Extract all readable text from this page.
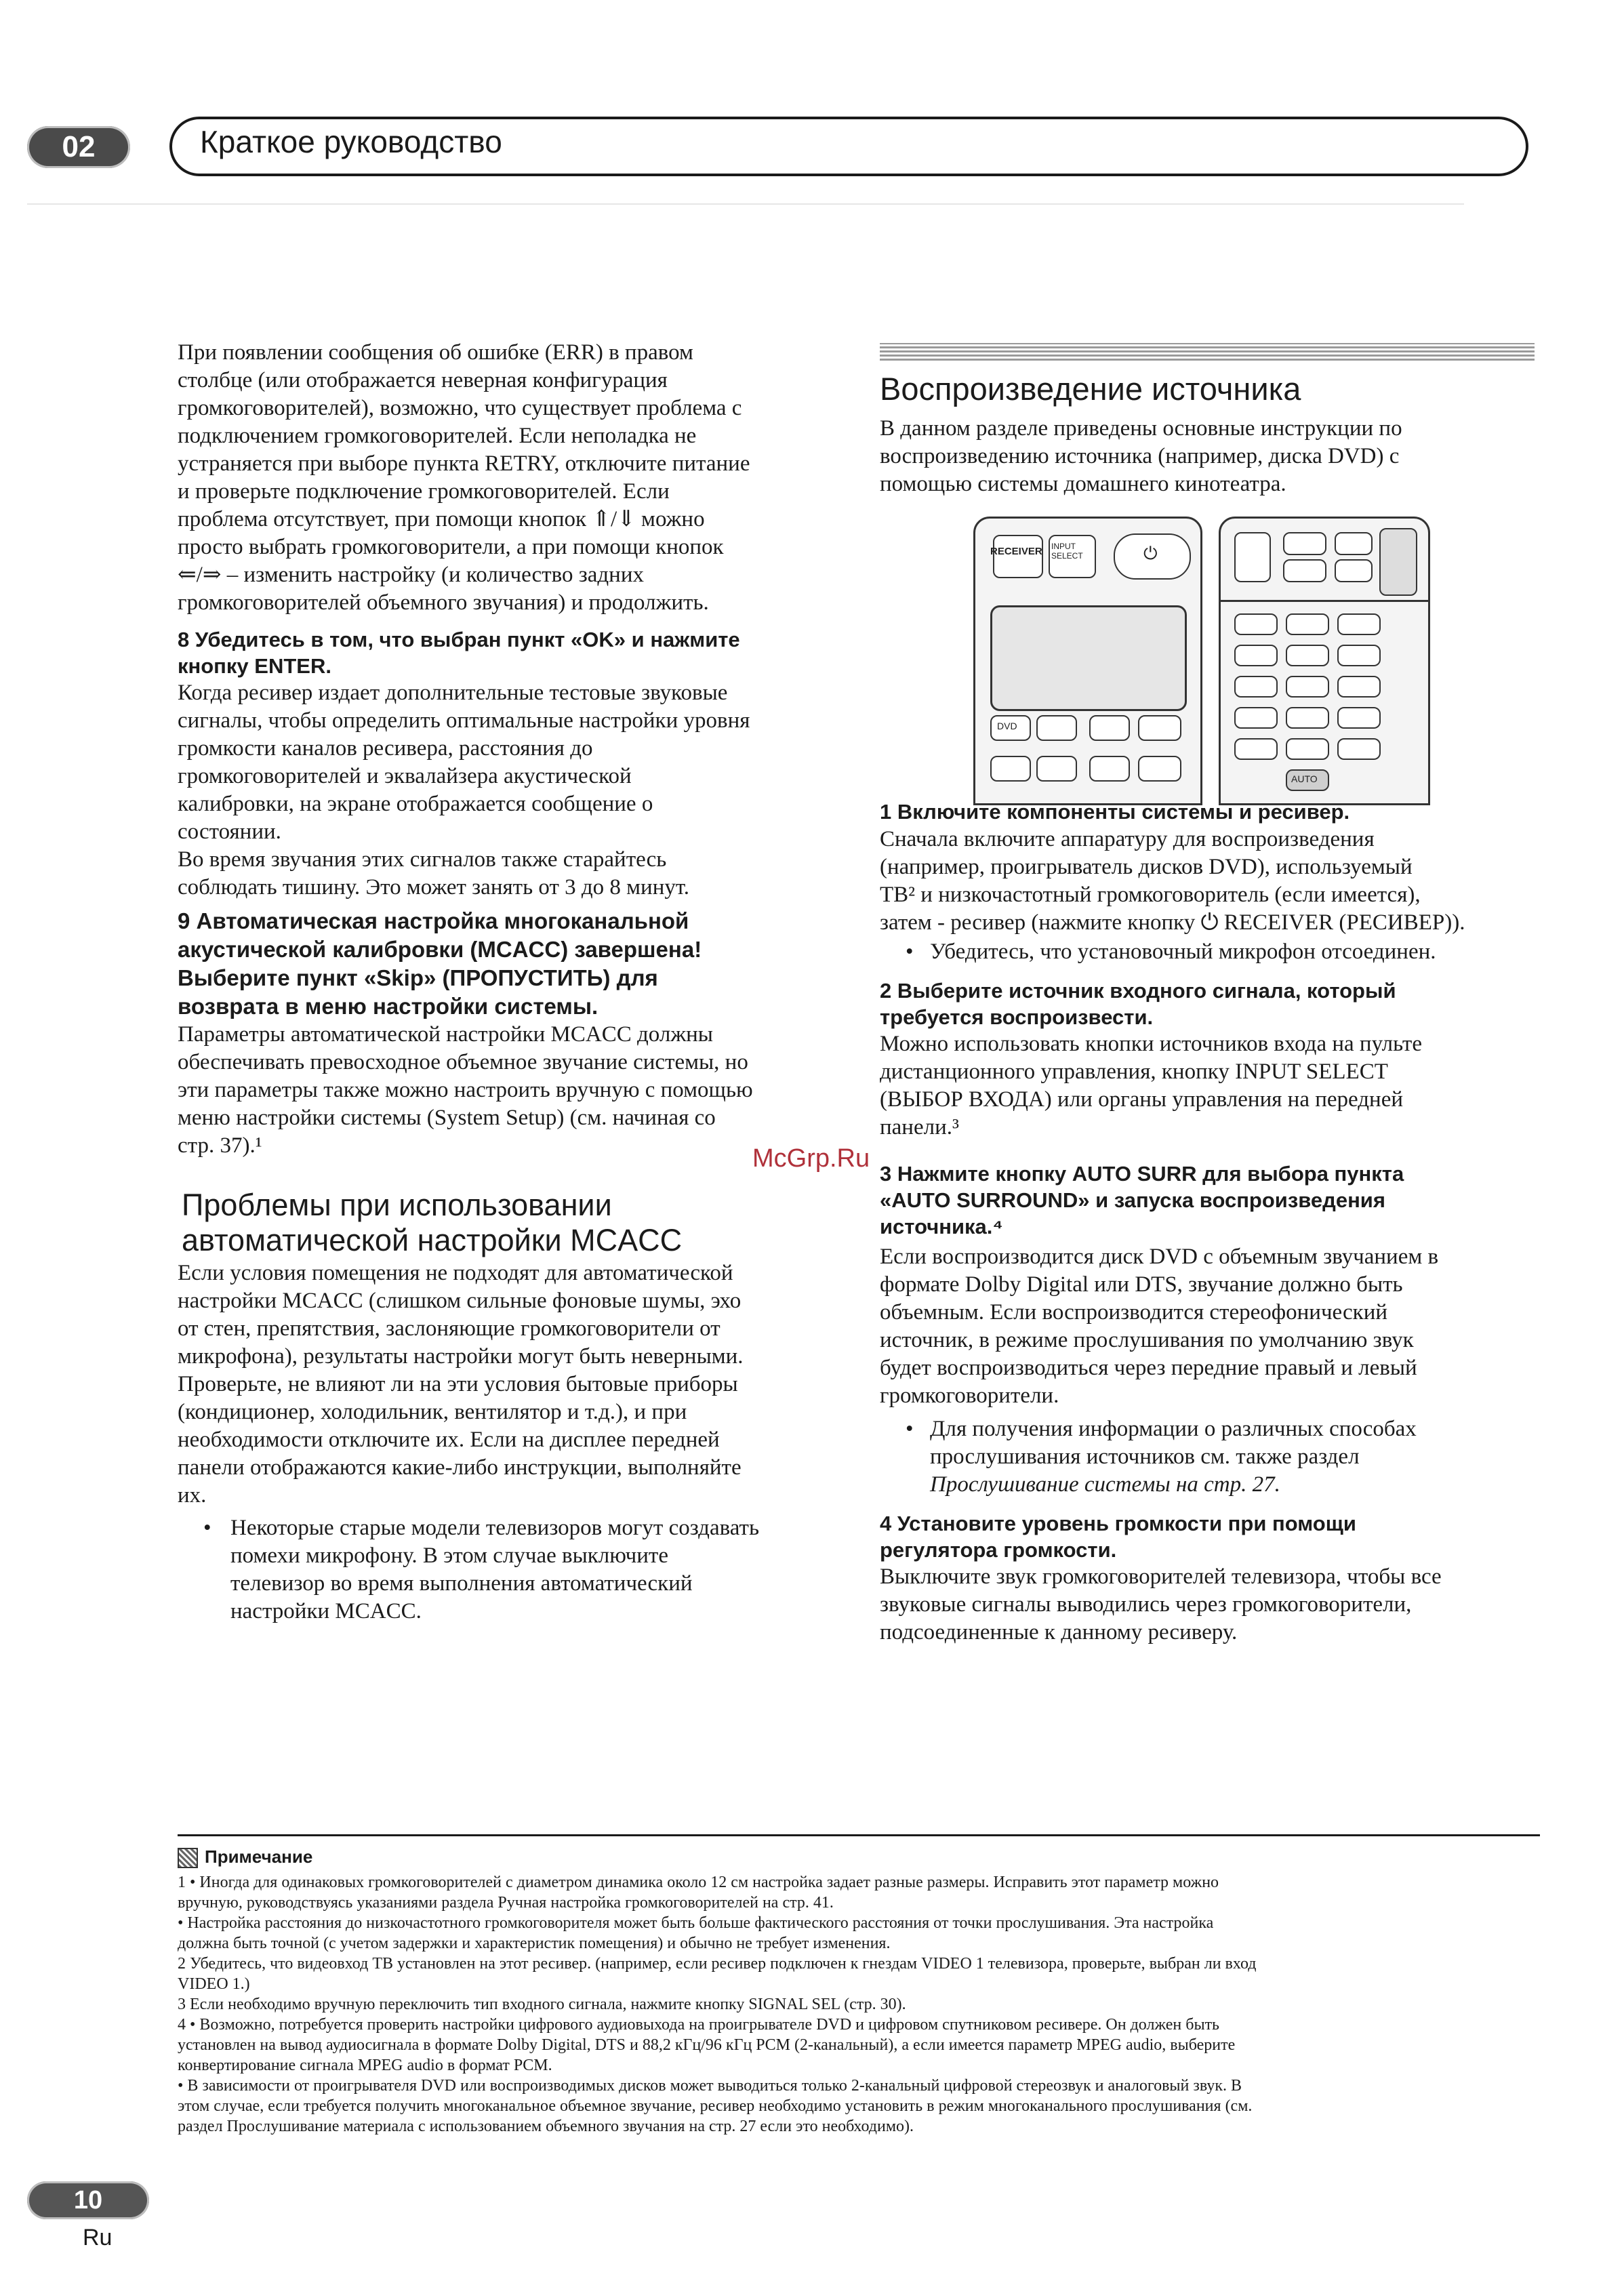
02	Краткое руководство
При появлении сообщения об ошибке (ERR) в правом
столбце (или отображается неверная конфигурация
громкоговорителей), возможно, что существует проблема с
подключением громкоговорителей. Если неполадка не
устраняется при выборе пункта RETRY, отключите питание
и проверьте подключение громкоговорителей. Если
проблема отсутствует, при помощи кнопок ⇑/⇓ можно
просто выбрать громкоговорители, а при помощи кнопок
⇐/⇒ – изменить настройку (и количество задних
громкоговорителей объемного звучания) и продолжить.
8 Убедитесь в том, что выбран пункт «OK» и нажмите
кнопку ENTER.
Когда ресивер издает дополнительные тестовые звуковые
сигналы, чтобы определить оптимальные настройки уровня
громкости каналов ресивера, расстояния до
громкоговорителей и эквалайзера акустической
калибровки, на экране отображается сообщение о
состоянии.
Во время звучания этих сигналов также старайтесь
соблюдать тишину. Это может занять от 3 до 8 минут.
9 Автоматическая настройка многоканальной
акустической калибровки (MCACC) завершена!
Выберите пункт «Skip» (ПРОПУСТИТЬ) для
возврата в меню настройки системы.
Параметры автоматической настройки MCACC должны
обеспечивать превосходное объемное звучание системы, но
эти параметры также можно настроить вручную с помощью
меню настройки системы (System Setup) (см. начиная со
стр. 37).¹
Проблемы при использовании
автоматической настройки MCACC
Если условия помещения не подходят для автоматической
настройки MCACC (слишком сильные фоновые шумы, эхо
от стен, препятствия, заслоняющие громкоговорители от
микрофона), результаты настройки могут быть неверными.
Проверьте, не влияют ли на эти условия бытовые приборы
(кондиционер, холодильник, вентилятор и т.д.), и при
необходимости отключите их. Если на дисплее передней
панели отображаются какие-либо инструкции, выполняйте
их.
• Некоторые старые модели телевизоров могут создавать
помехи микрофону. В этом случае выключите
телевизор во время выполнения автоматический
настройки MCACC.
Воспроизведение источника
В данном разделе приведены основные инструкции по
воспроизведению источника (например, диска DVD) с
помощью системы домашнего кинотеатра.
RECEIVER INPUT SELECT	⏻
DVD
AUTO
1 Включите компоненты системы и ресивер.
Сначала включите аппаратуру для воспроизведения
(например, проигрыватель дисков DVD), используемый
ТВ² и низкочастотный громкоговоритель (если имеется),
затем - ресивер (нажмите кнопку ⏻ RECEIVER (РЕСИВЕР)).
• Убедитесь, что установочный микрофон отсоединен.
2 Выберите источник входного сигнала, который
требуется воспроизвести.
Можно использовать кнопки источников входа на пульте
дистанционного управления, кнопку INPUT SELECT
(ВЫБОР ВХОДА) или органы управления на передней
панели.³
3 Нажмите кнопку AUTO SURR для выбора пункта
«AUTO SURROUND» и запуска воспроизведения
источника.⁴
Если воспроизводится диск DVD с объемным звучанием в
формате Dolby Digital или DTS, звучание должно быть
объемным. Если воспроизводится стереофонический
источник, в режиме прослушивания по умолчанию звук
будет воспроизводиться через передние правый и левый
громкоговорители.
• Для получения информации о различных способах
прослушивания источников см. также раздел
Прослушивание системы на стр. 27.
4 Установите уровень громкости при помощи
регулятора громкости.
Выключите звук громкоговорителей телевизора, чтобы все
звуковые сигналы выводились через громкоговорители,
подсоединенные к данному ресиверу.
McGrp.Ru
Примечание
1 • Иногда для одинаковых громкоговорителей с диаметром динамика около 12 см настройка задает разные размеры. Исправить этот параметр можно
вручную, руководствуясь указаниями раздела Ручная настройка громкоговорителей на стр. 41.
• Настройка расстояния до низкочастотного громкоговорителя может быть больше фактического расстояния от точки прослушивания. Эта настройка
должна быть точной (с учетом задержки и характеристик помещения) и обычно не требует изменения.
2 Убедитесь, что видеовход ТВ установлен на этот ресивер. (например, если ресивер подключен к гнездам VIDEO 1 телевизора, проверьте, выбран ли вход
VIDEO 1.)
3 Если необходимо вручную переключить тип входного сигнала, нажмите кнопку SIGNAL SEL (стр. 30).
4 • Возможно, потребуется проверить настройки цифрового аудиовыхода на проигрывателе DVD и цифровом спутниковом ресивере. Он должен быть
установлен на вывод аудиосигнала в формате Dolby Digital, DTS и 88,2 кГц/96 кГц PCM (2-канальный), а если имеется параметр MPEG audio, выберите
конвертирование сигнала MPEG audio в формат PCM.
• В зависимости от проигрывателя DVD или воспроизводимых дисков может выводиться только 2-канальный цифровой стереозвук и аналоговый звук. В
этом случае, если требуется получить многоканальное объемное звучание, ресивер необходимо установить в режим многоканального прослушивания (см.
раздел Прослушивание материала с использованием объемного звучания на стр. 27 если это необходимо).
10
Ru
